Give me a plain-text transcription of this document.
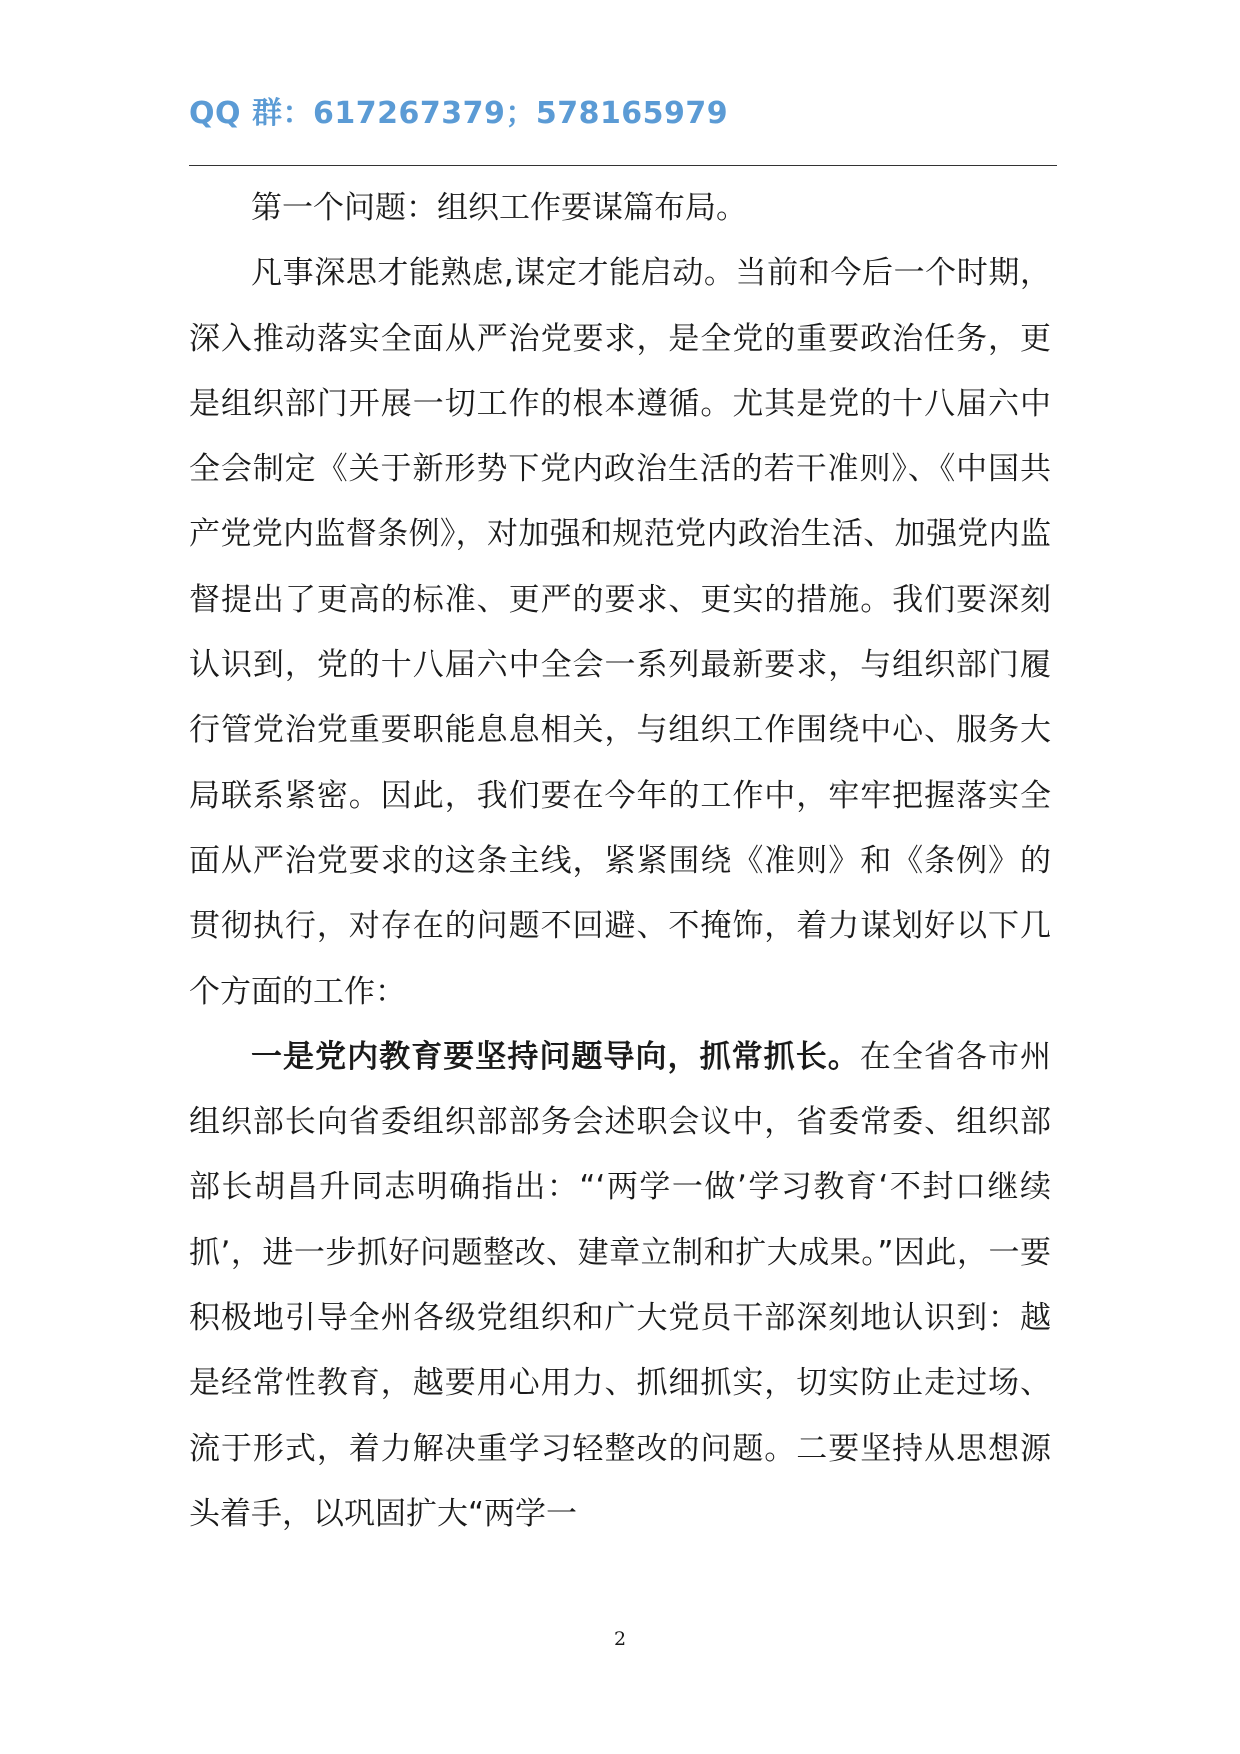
QQ 群：617267379；578165979

第一个问题：组织工作要谋篇布局。

凡事深思才能熟虑,谋定才能启动。当前和今后一个时期，深入推动落实全面从严治党要求，是全党的重要政治任务，更是组织部门开展一切工作的根本遵循。尤其是党的十八届六中全会制定《关于新形势下党内政治生活的若干准则》、《中国共产党党内监督条例》，对加强和规范党内政治生活、加强党内监督提出了更高的标准、更严的要求、更实的措施。我们要深刻认识到，党的十八届六中全会一系列最新要求，与组织部门履行管党治党重要职能息息相关，与组织工作围绕中心、服务大局联系紧密。因此，我们要在今年的工作中，牢牢把握落实全面从严治党要求的这条主线，紧紧围绕《准则》和《条例》的贯彻执行，对存在的问题不回避、不掩饰，着力谋划好以下几个方面的工作：

一是党内教育要坚持问题导向，抓常抓长。在全省各市州组织部长向省委组织部部务会述职会议中，省委常委、组织部部长胡昌升同志明确指出：“‘两学一做’学习教育‘不封口继续抓’，进一步抓好问题整改、建章立制和扩大成果。”因此，一要积极地引导全州各级党组织和广大党员干部深刻地认识到：越是经常性教育，越要用心用力、抓细抓实，切实防止走过场、流于形式，着力解决重学习轻整改的问题。二要坚持从思想源头着手，以巩固扩大“两学一

2
